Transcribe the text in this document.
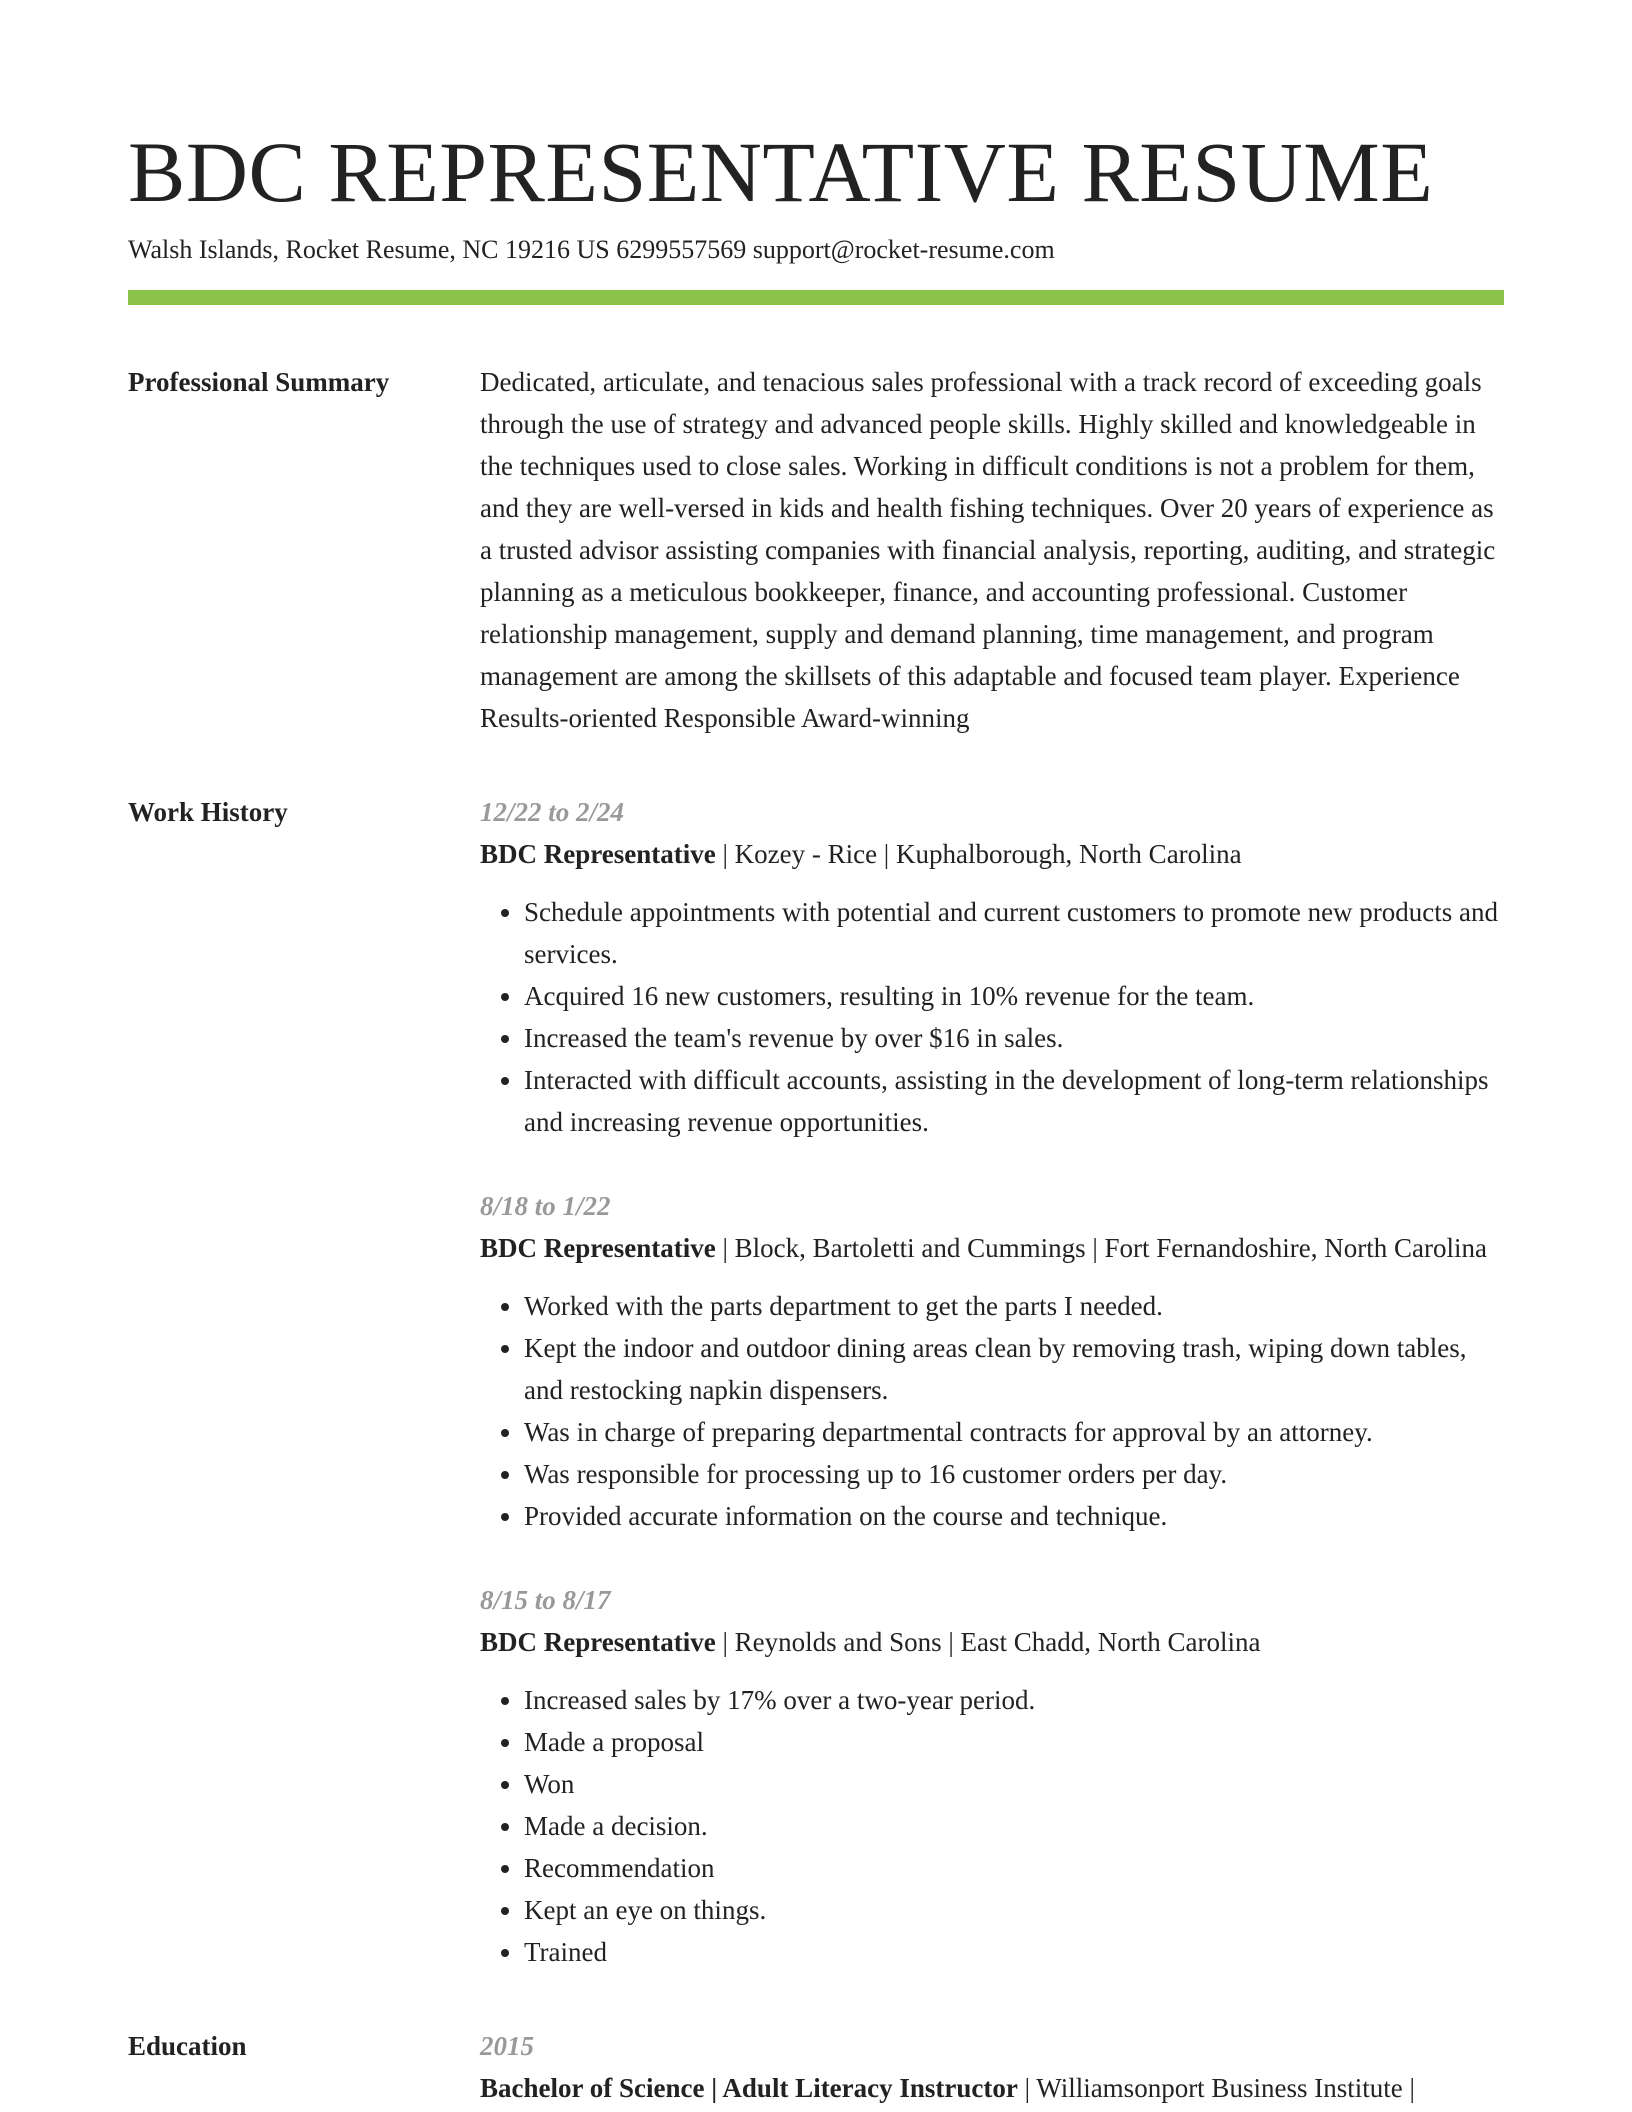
BDC REPRESENTATIVE RESUME
Walsh Islands, Rocket Resume, NC 19216 US 6299557569 support@rocket-resume.com
Professional Summary	Dedicated, articulate, and tenacious sales professional with a track record of exceeding goals through the use of strategy and advanced people skills. Highly skilled and knowledgeable in the techniques used to close sales. Working in difficult conditions is not a problem for them, and they are well-versed in kids and health fishing techniques. Over 20 years of experience as a trusted advisor assisting companies with financial analysis, reporting, auditing, and strategic planning as a meticulous bookkeeper, finance, and accounting professional. Customer relationship management, supply and demand planning, time management, and program management are among the skillsets of this adaptable and focused team player. Experience Results-oriented Responsible Award-winning

Work History	12/22 to 2/24
BDC Representative | Kozey - Rice | Kuphalborough, North Carolina
• Schedule appointments with potential and current customers to promote new products and services.
• Acquired 16 new customers, resulting in 10% revenue for the team.
• Increased the team's revenue by over $16 in sales.
• Interacted with difficult accounts, assisting in the development of long-term relationships and increasing revenue opportunities.
8/18 to 1/22
BDC Representative | Block, Bartoletti and Cummings | Fort Fernandoshire, North Carolina
• Worked with the parts department to get the parts I needed.
• Kept the indoor and outdoor dining areas clean by removing trash, wiping down tables, and restocking napkin dispensers.
• Was in charge of preparing departmental contracts for approval by an attorney.
• Was responsible for processing up to 16 customer orders per day.
• Provided accurate information on the course and technique.
8/15 to 8/17
BDC Representative | Reynolds and Sons | East Chadd, North Carolina
• Increased sales by 17% over a two-year period.
• Made a proposal
• Won
• Made a decision.
• Recommendation
• Kept an eye on things.
• Trained
Education	2015
Bachelor of Science | Adult Literacy Instructor | Williamsonport Business Institute |
